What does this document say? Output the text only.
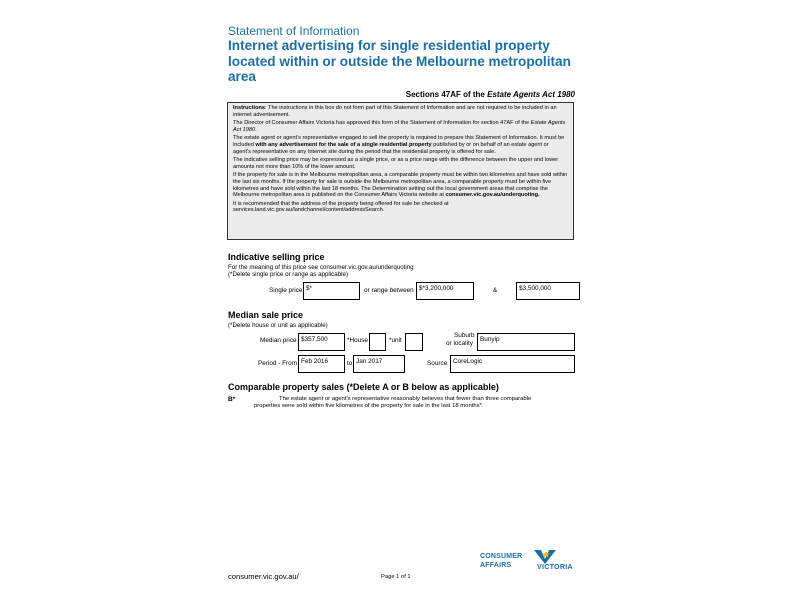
Statement of Information
Internet advertising for single residential property located within or outside the Melbourne metropolitan area
Sections 47AF of the Estate Agents Act 1980

Instructions: The instructions in this box do not form part of this Statement of Information and are not required to be included in an internet advertisement.

The Director of Consumer Affairs Victoria has approved this form of the Statement of Information for section 47AF of the Estate Agents Act 1980.

The estate agent or agent's representative engaged to sell the property is required to prepare this Statement of Information. It must be included with any advertisement for the sale of a single residential property published by or on behalf of an estate agent or agent's representative on any Internet site during the period that the residential property is offered for sale.

The indicative selling price may be expressed as a single price, or as a price range with the difference between the upper and lower amounts not more than 10% of the lower amount.

If the property for sale is in the Melbourne metropolitan area, a comparable property must be within two kilometres and have sold within the last six months. If the property for sale is outside the Melbourne metropolitan area, a comparable property must be within five kilometres and have sold within the last 18 months. The Determination setting out the local government areas that comprise the Melbourne metropolitan area is published on the Consumer Affairs Victoria website at consumer.vic.gov.au/underquoting.

It is recommended that the address of the property being offered for sale be checked at services.land.vic.gov.au/landchannel/content/addressSearch.

Indicative selling price
For the meaning of this price see consumer.vic.gov.au/underquoting
(*Delete single price or range as applicable)
Single price $*	or range between $*3,200,000	&	$3,500,000
Median sale price
(*Delete house or unit as applicable)
Median price $357,500	*House	*unit
Suburb
or locality
Bunyip
Period - From Feb 2016	to Jan 2017	Source CoreLogic
Comparable property sales (*Delete A or B below as applicable)
B*	The estate agent or agent's representative reasonably believes that fewer than three comparable
properties were sold within five kilometres of the property for sale in the last 18 months*.
consumer.vic.gov.au/	Page 1 of 1
CONSUMER
AFFAIRS	VICTORIA
